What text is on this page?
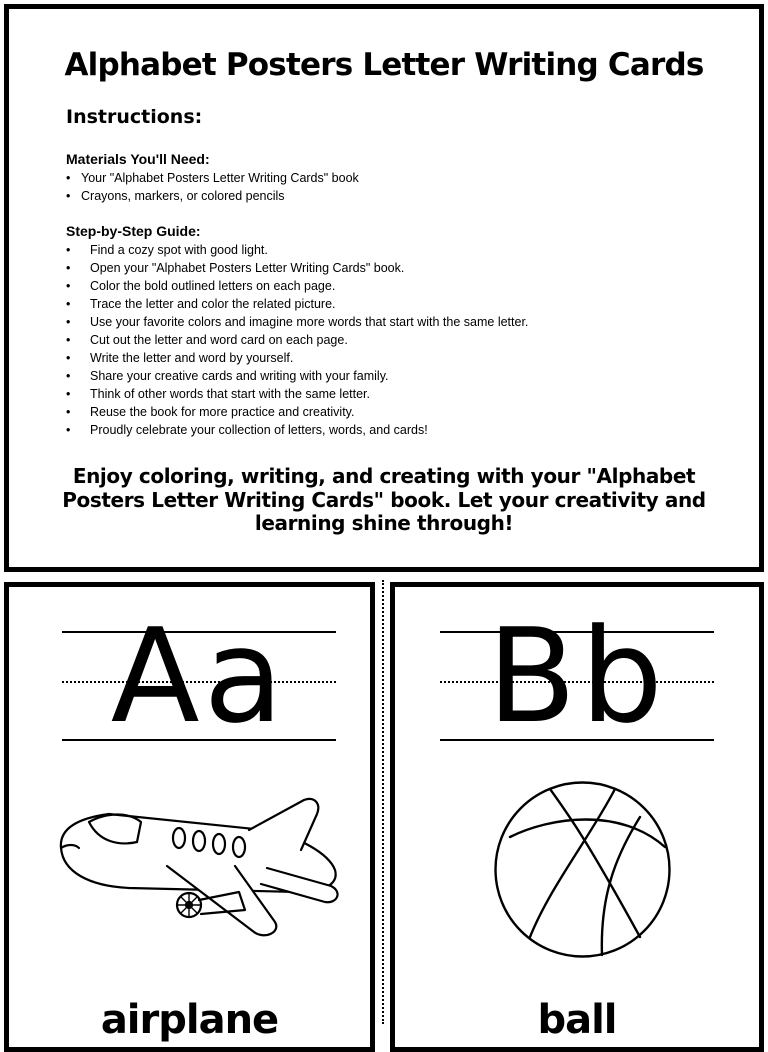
Alphabet Posters Letter Writing Cards
Instructions:
Materials You'll Need:
• Your "Alphabet Posters Letter Writing Cards" book
• Crayons, markers, or colored pencils
Step-by-Step Guide:
• Find a cozy spot with good light.
• Open your "Alphabet Posters Letter Writing Cards" book.
• Color the bold outlined letters on each page.
• Trace the letter and color the related picture.
• Use your favorite colors and imagine more words that start with the same letter.
• Cut out the letter and word card on each page.
• Write the letter and word by yourself.
• Share your creative cards and writing with your family.
• Think of other words that start with the same letter.
• Reuse the book for more practice and creativity.
• Proudly celebrate your collection of letters, words, and cards!
Enjoy coloring, writing, and creating with your "Alphabet Posters Letter Writing Cards" book. Let your creativity and learning shine through!
Aa
airplane
Bb
ball
